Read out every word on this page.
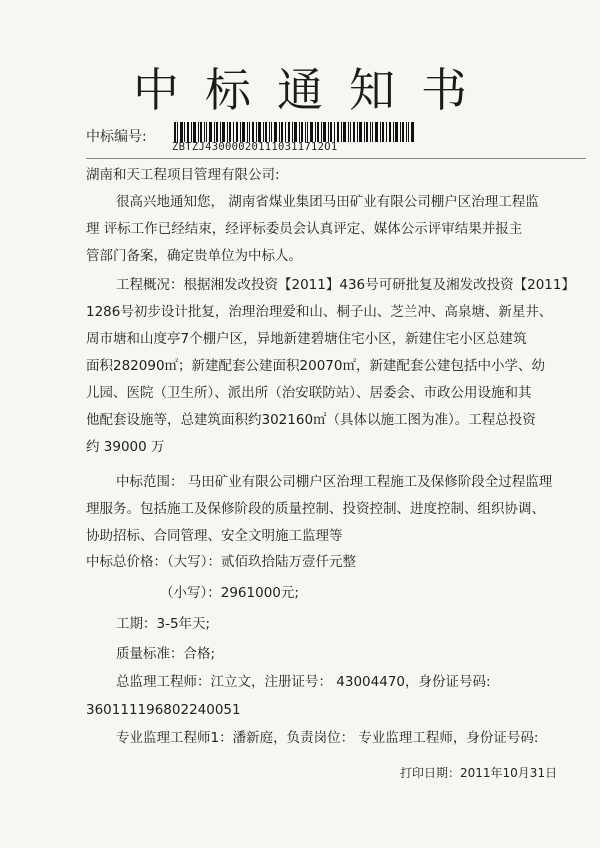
中标通知书
中标编号:
ZBTZJ430000201110311712O1
湖南和天工程项目管理有限公司:
很高兴地通知您， 湖南省煤业集团马田矿业有限公司棚户区治理工程监
理 评标工作已经结束，经评标委员会认真评定、媒体公示评审结果并报主
管部门备案，确定贵单位为中标人。
工程概况：根据湘发改投资【2011】436号可研批复及湘发改投资【2011】
1286号初步设计批复，治理治理爱和山、桐子山、芝兰冲、高泉塘、新星井、
周市塘和山度亭7个棚户区，异地新建碧塘住宅小区，新建住宅小区总建筑
面积282090㎡；新建配套公建面积20070㎡，新建配套公建包括中小学、幼
儿园、医院（卫生所）、派出所（治安联防站）、居委会、市政公用设施和其
他配套设施等，总建筑面积约302160㎡（具体以施工图为准）。工程总投资
约 39000 万
中标范围： 马田矿业有限公司棚户区治理工程施工及保修阶段全过程监理
理服务。包括施工及保修阶段的质量控制、投资控制、进度控制、组织协调、
协助招标、合同管理、安全文明施工监理等
中标总价格：（大写）：贰佰玖拾陆万壹仟元整
（小写）：2961000元;
工期：3-5年天;
质量标准：合格;
总监理工程师：江立文，注册证号： 43004470，身份证号码:
360111196802240051
专业监理工程师1：潘新庭，负责岗位： 专业监理工程师，身份证号码:
打印日期：2011年10月31日
